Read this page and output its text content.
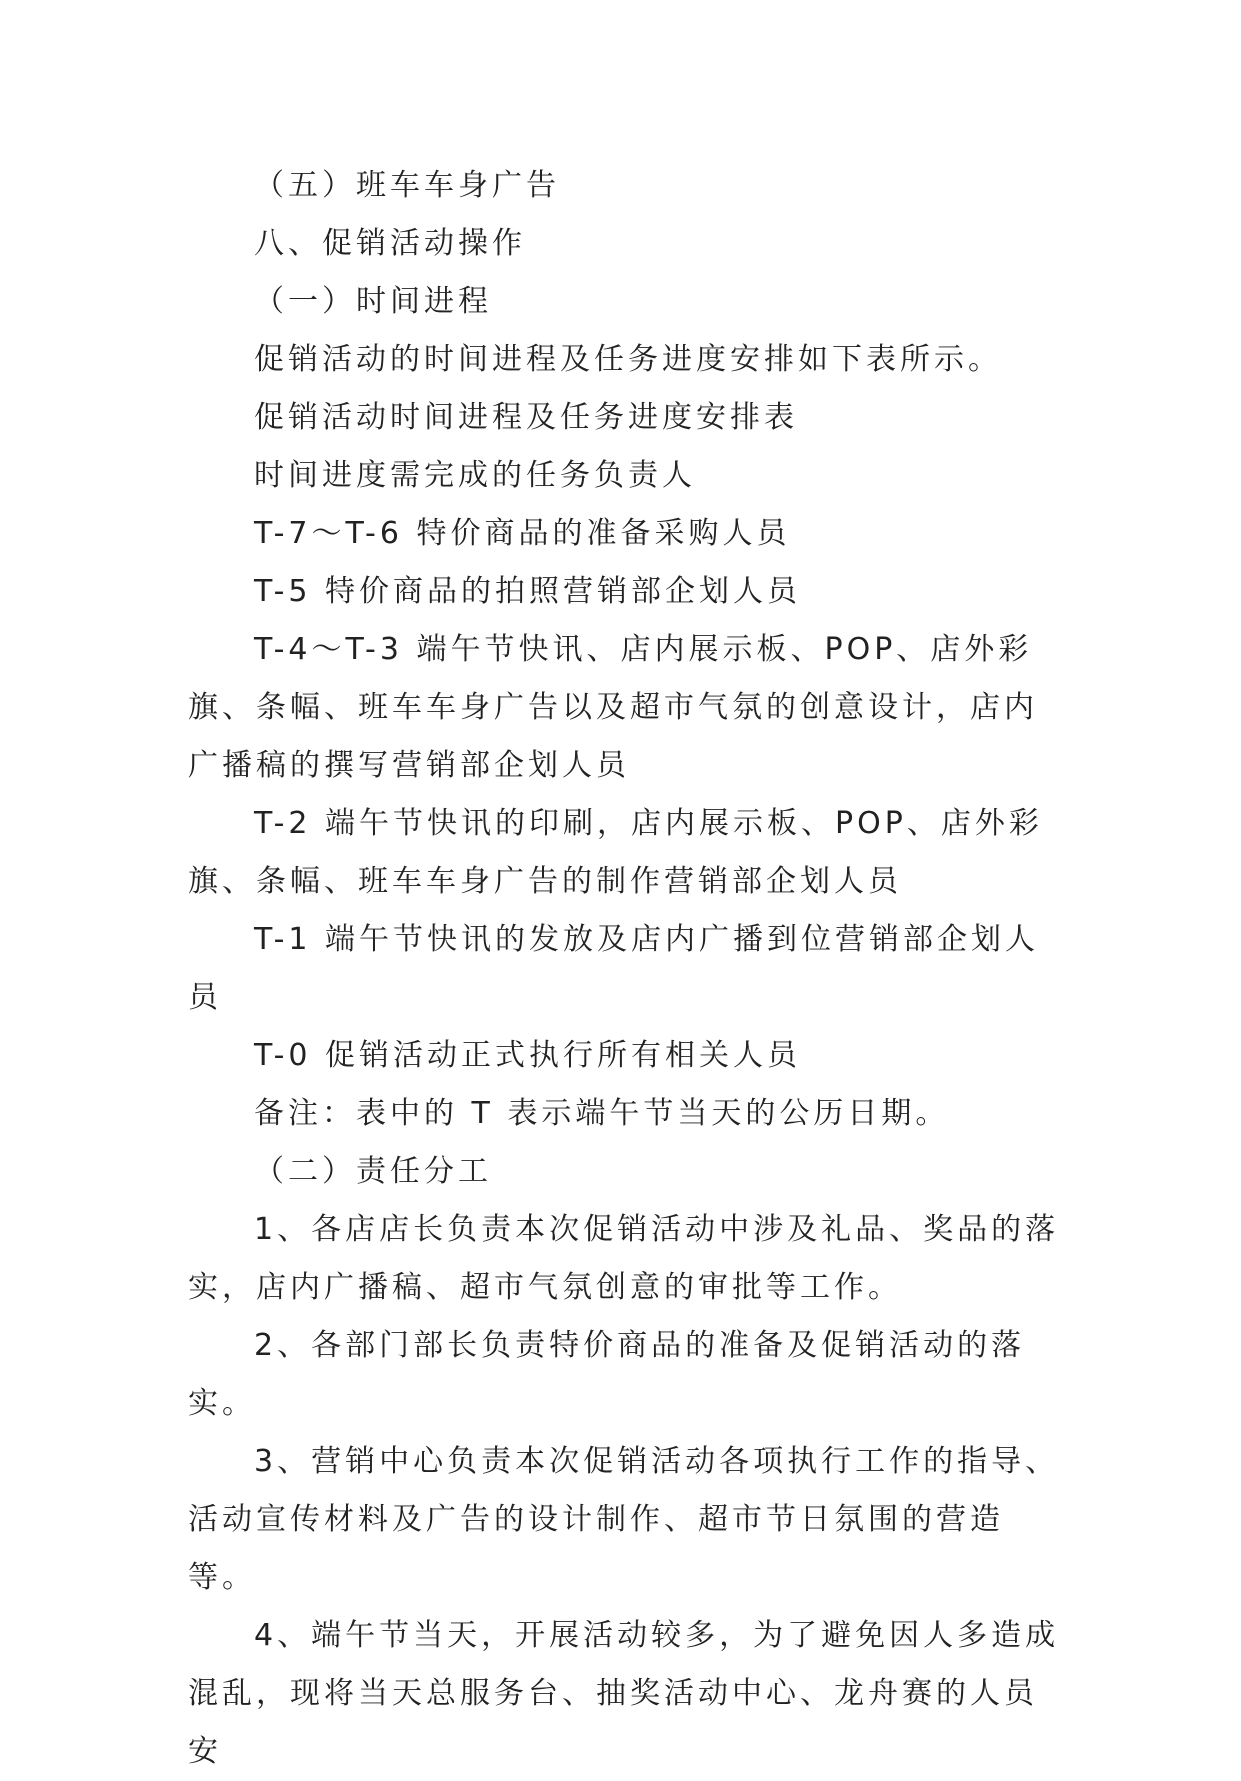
（五）班车车身广告

八、促销活动操作

（一）时间进程

促销活动的时间进程及任务进度安排如下表所示。

促销活动时间进程及任务进度安排表

时间进度需完成的任务负责人

T-7～T-6 特价商品的准备采购人员

T-5 特价商品的拍照营销部企划人员

T-4～T-3 端午节快讯、店内展示板、POP、店外彩旗、条幅、班车车身广告以及超市气氛的创意设计，店内广播稿的撰写营销部企划人员

T-2 端午节快讯的印刷，店内展示板、POP、店外彩旗、条幅、班车车身广告的制作营销部企划人员

T-1 端午节快讯的发放及店内广播到位营销部企划人员

T-0 促销活动正式执行所有相关人员

备注：表中的 T 表示端午节当天的公历日期。

（二）责任分工

1、各店店长负责本次促销活动中涉及礼品、奖品的落实，店内广播稿、超市气氛创意的审批等工作。

2、各部门部长负责特价商品的准备及促销活动的落实。

3、营销中心负责本次促销活动各项执行工作的指导、活动宣传材料及广告的设计制作、超市节日氛围的营造等。

4、端午节当天，开展活动较多，为了避免因人多造成混乱，现将当天总服务台、抽奖活动中心、龙舟赛的人员安
